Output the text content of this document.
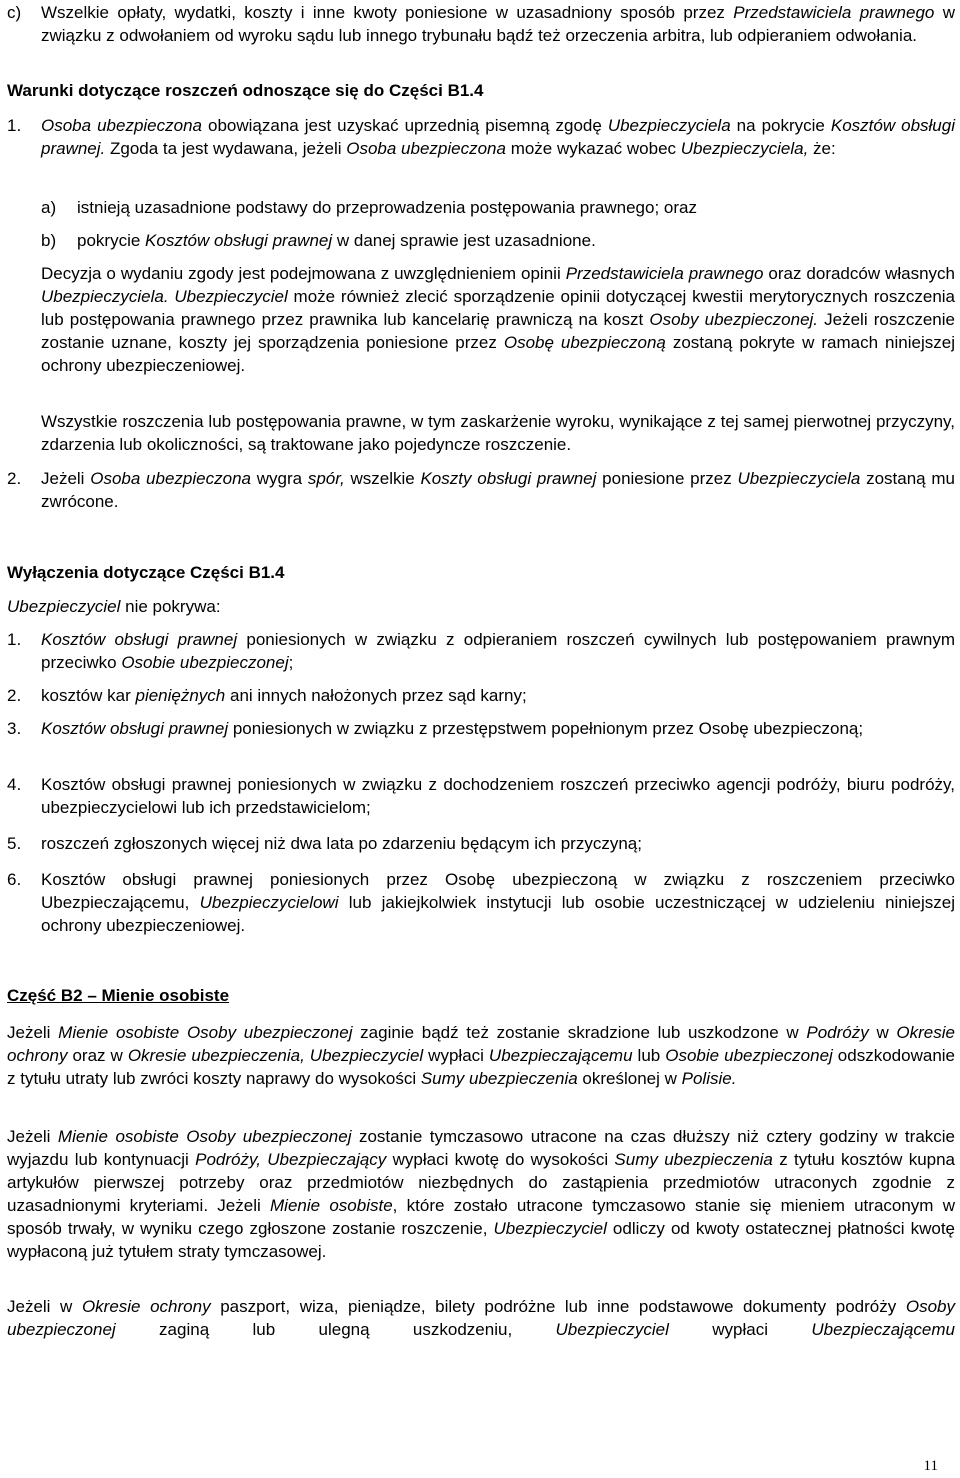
c) Wszelkie opłaty, wydatki, koszty i inne kwoty poniesione w uzasadniony sposób przez Przedstawiciela prawnego w związku z odwołaniem od wyroku sądu lub innego trybunału bądź też orzeczenia arbitra, lub odpieraniem odwołania.
Warunki dotyczące roszczeń odnoszące się do Części B1.4
1. Osoba ubezpieczona obowiązana jest uzyskać uprzednią pisemną zgodę Ubezpieczyciela na pokrycie Kosztów obsługi prawnej. Zgoda ta jest wydawana, jeżeli Osoba ubezpieczona może wykazać wobec Ubezpieczyciela, że:
a) istnieją uzasadnione podstawy do przeprowadzenia postępowania prawnego; oraz
b) pokrycie Kosztów obsługi prawnej w danej sprawie jest uzasadnione.
Decyzja o wydaniu zgody jest podejmowana z uwzględnieniem opinii Przedstawiciela prawnego oraz doradców własnych Ubezpieczyciela. Ubezpieczyciel może również zlecić sporządzenie opinii dotyczącej kwestii merytorycznych roszczenia lub postępowania prawnego przez prawnika lub kancelarię prawniczą na koszt Osoby ubezpieczonej. Jeżeli roszczenie zostanie uznane, koszty jej sporządzenia poniesione przez Osobę ubezpieczoną zostaną pokryte w ramach niniejszej ochrony ubezpieczeniowej.
Wszystkie roszczenia lub postępowania prawne, w tym zaskarżenie wyroku, wynikające z tej samej pierwotnej przyczyny, zdarzenia lub okoliczności, są traktowane jako pojedyncze roszczenie.
2. Jeżeli Osoba ubezpieczona wygra spór, wszelkie Koszty obsługi prawnej poniesione przez Ubezpieczyciela zostaną mu zwrócone.
Wyłączenia dotyczące Części B1.4
Ubezpieczyciel nie pokrywa:
1. Kosztów obsługi prawnej poniesionych w związku z odpieraniem roszczeń cywilnych lub postępowaniem prawnym przeciwko Osobie ubezpieczonej;
2. kosztów kar pieniężnych ani innych nałożonych przez sąd karny;
3. Kosztów obsługi prawnej poniesionych w związku z przestępstwem popełnionym przez Osobę ubezpieczoną;
4. Kosztów obsługi prawnej poniesionych w związku z dochodzeniem roszczeń przeciwko agencji podróży, biuru podróży, ubezpieczycielowi lub ich przedstawicielom;
5. roszczeń zgłoszonych więcej niż dwa lata po zdarzeniu będącym ich przyczyną;
6. Kosztów obsługi prawnej poniesionych przez Osobę ubezpieczoną w związku z roszczeniem przeciwko Ubezpieczającemu, Ubezpieczycielowi lub jakiejkolwiek instytucji lub osobie uczestniczącej w udzieleniu niniejszej ochrony ubezpieczeniowej.
Część B2 – Mienie osobiste
Jeżeli Mienie osobiste Osoby ubezpieczonej zaginie bądź też zostanie skradzione lub uszkodzone w Podróży w Okresie ochrony oraz w Okresie ubezpieczenia, Ubezpieczyciel wypłaci Ubezpieczającemu lub Osobie ubezpieczonej odszkodowanie z tytułu utraty lub zwróci koszty naprawy do wysokości Sumy ubezpieczenia określonej w Polisie.
Jeżeli Mienie osobiste Osoby ubezpieczonej zostanie tymczasowo utracone na czas dłuższy niż cztery godziny w trakcie wyjazdu lub kontynuacji Podróży, Ubezpieczający wypłaci kwotę do wysokości Sumy ubezpieczenia z tytułu kosztów kupna artykułów pierwszej potrzeby oraz przedmiotów niezbędnych do zastąpienia przedmiotów utraconych zgodnie z uzasadnionymi kryteriami. Jeżeli Mienie osobiste, które zostało utracone tymczasowo stanie się mieniem utraconym w sposób trwały, w wyniku czego zgłoszone zostanie roszczenie, Ubezpieczyciel odliczy od kwoty ostatecznej płatności kwotę wypłaconą już tytułem straty tymczasowej.
Jeżeli w Okresie ochrony paszport, wiza, pieniądze, bilety podróżne lub inne podstawowe dokumenty podróży Osoby ubezpieczonej zaginą lub ulegną uszkodzeniu, Ubezpieczyciel wypłaci Ubezpieczającemu
11
